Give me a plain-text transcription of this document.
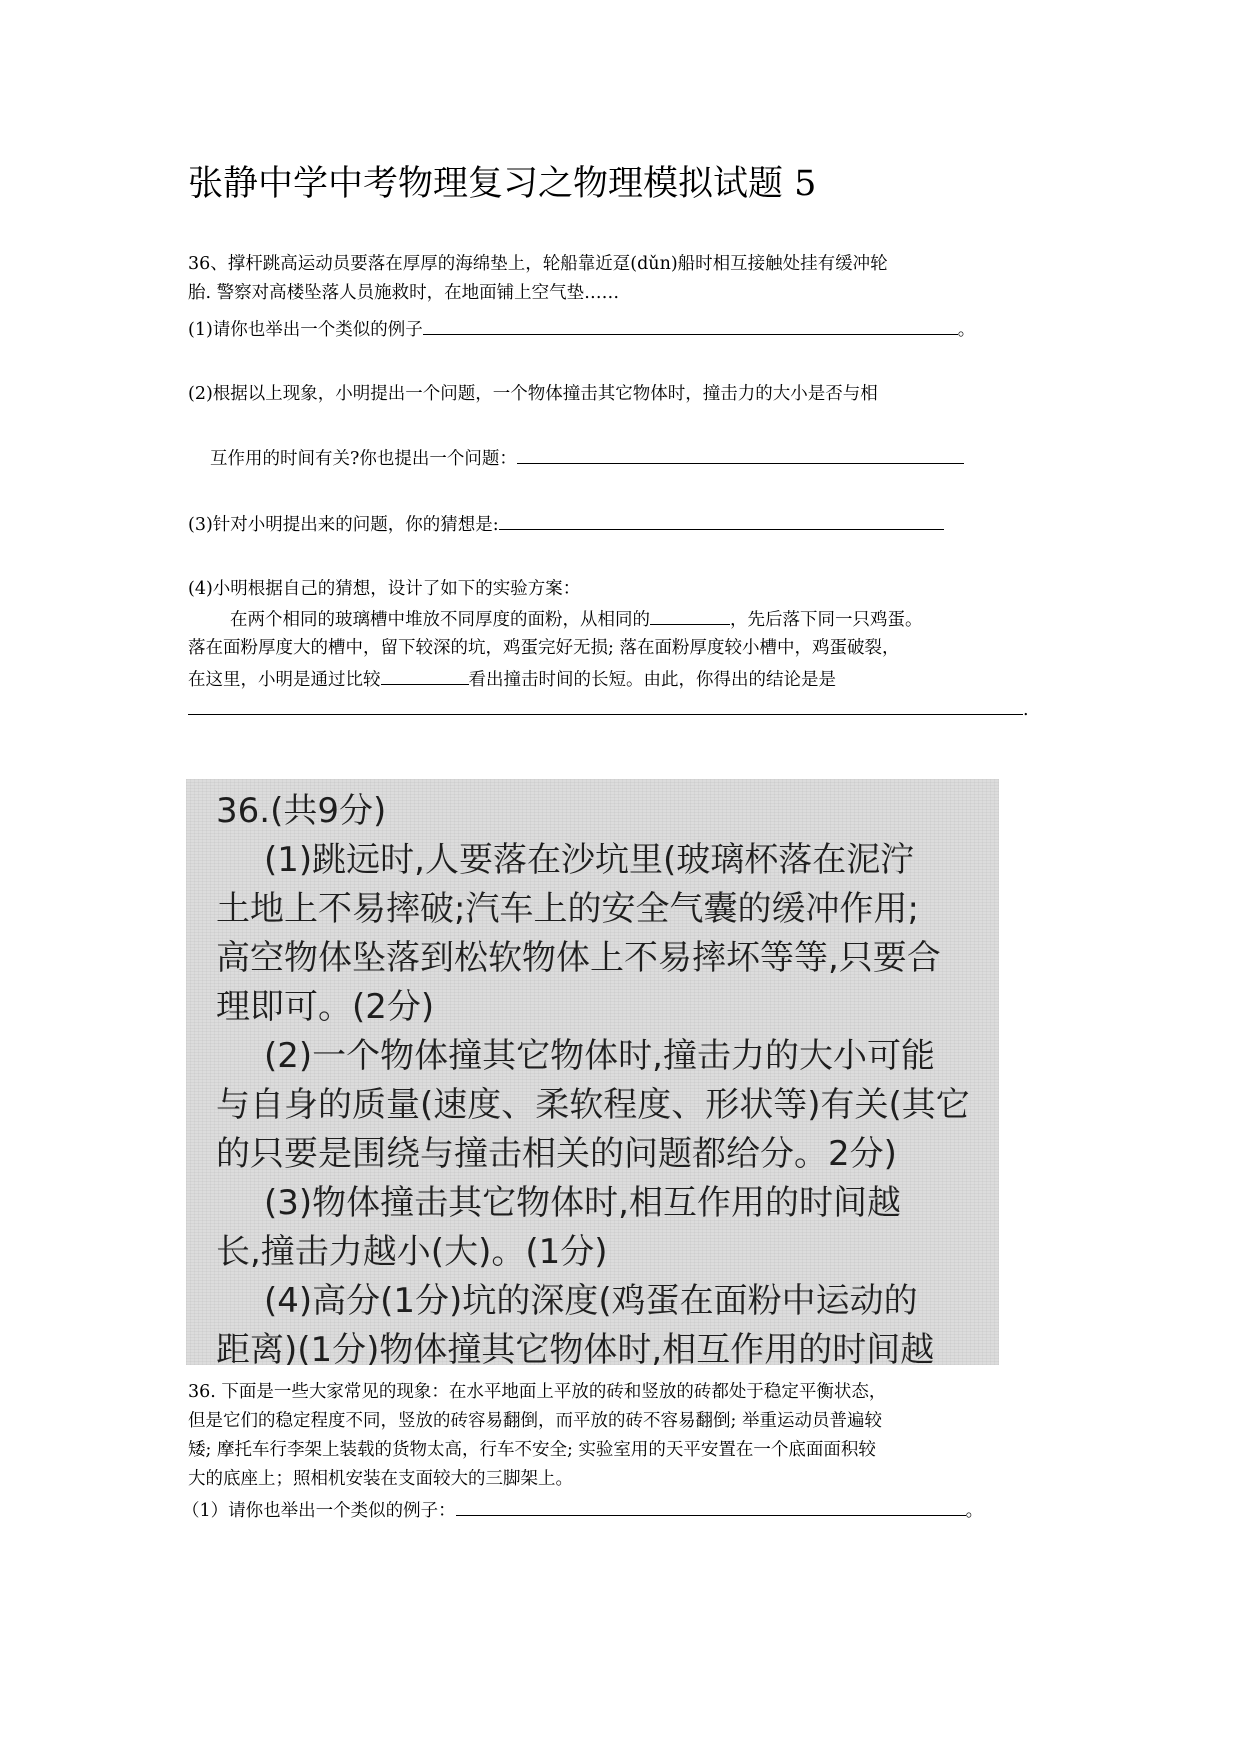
张静中学中考物理复习之物理模拟试题 5
36、撑杆跳高运动员要落在厚厚的海绵垫上，轮船靠近趸(dǔn)船时相互接触处挂有缓冲轮
胎. 警察对高楼坠落人员施救时，在地面铺上空气垫……
(1)请你也举出一个类似的例子	。
(2)根据以上现象，小明提出一个问题，一个物体撞击其它物体时，撞击力的大小是否与相
互作用的时间有关?你也提出一个问题：
(3)针对小明提出来的问题，你的猜想是:
(4)小明根据自己的猜想，设计了如下的实验方案：
在两个相同的玻璃槽中堆放不同厚度的面粉，从相同的	，先后落下同一只鸡蛋。
落在面粉厚度大的槽中，留下较深的坑，鸡蛋完好无损; 落在面粉厚度较小槽中，鸡蛋破裂，
在这里，小明是通过比较	看出撞击时间的长短。由此，你得出的结论是是
.
36.(共9分)
(1)跳远时,人要落在沙坑里(玻璃杯落在泥泞
土地上不易摔破;汽车上的安全气囊的缓冲作用;
高空物体坠落到松软物体上不易摔坏等等,只要合
理即可。(2分)
(2)一个物体撞其它物体时,撞击力的大小可能
与自身的质量(速度、柔软程度、形状等)有关(其它
的只要是围绕与撞击相关的问题都给分。2分)
(3)物体撞击其它物体时,相互作用的时间越
长,撞击力越小(大)。(1分)
(4)高分(1分)坑的深度(鸡蛋在面粉中运动的
距离)(1分)物体撞其它物体时,相互作用的时间越
36. 下面是一些大家常见的现象：在水平地面上平放的砖和竖放的砖都处于稳定平衡状态，
但是它们的稳定程度不同，竖放的砖容易翻倒，而平放的砖不容易翻倒; 举重运动员普遍较
矮; 摩托车行李架上装载的货物太高，行车不安全; 实验室用的天平安置在一个底面面积较
大的底座上；照相机安装在支面较大的三脚架上。
（1）请你也举出一个类似的例子：	。
